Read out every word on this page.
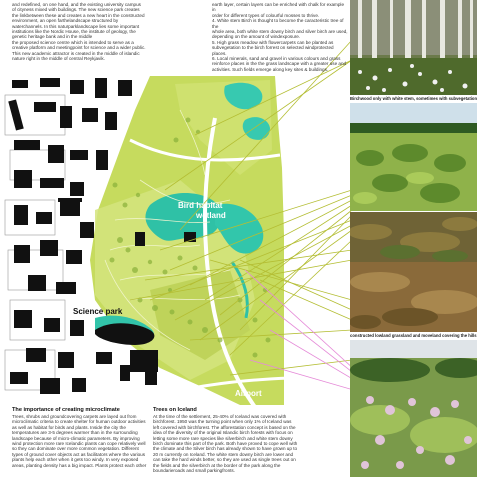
Bird habitat
wetland
Science park
Airport

and redefined, on one hand, and the existing university campus

of cityness mixed with buildings. The new science park creates

the linkbetween these and creates a new heart in the constructed

environment, an open farthelandscape structured by

waterchannels. In this naturparklandscape lies some important

institutions like the Nordic House, the institute of geology, the

genetic heritage bank and in the middle

the proposed science centre which is intended to serve as a

creative platform and meetingpoint for science and a wider public.

This new academic attractor is created in the middle of islandic

nature right in the middle of central Reykjavik.

earth layer, certain layers can be enriched with chalk for example in

order for different types of colourful mosses to thrive.

4. White stem Birch is thought to become the caracteristic tree of the

whole area, both white stem downy birch and silver birch are used,

depending on the amount of windexposure.

5. High grass meadow with flowercarpets can be planted as

subvegetation to the birch forrest on selected windprotected places.

6. Local minerals, sand and gravel in various colours and grass

reinforce places in the the grass landscape with a greater use and

activities. Such fields emerge along key sites & buildings.

Birchwood only with white stem, sometimes with subvegetation
constructed lowland grassland and moveland covering the hills
The importance of creating microclimate

Trees, shrubs and groundcovering carpets are layed out from

microclimatic criteria to create shelter for human outdoor activities

as well as habitat for birds and plants. Inside the city the

temperatures are 3-5 degrees warmer than in the surrounding

landscape because of micro-climatic parameters. By improving

wind protection more rare Icelandic plants can cope relatively well

so they can dominate over more common vegetation. Different

types of ground cover objects act as facilitators where the various

plants help each other when it gets too windy. In very exposed

areas, planting density has a big impact. Plants protect each other

Trees on Iceland

At the time of the settlement, 25-40% of Iceland was covered with

birchforest. 1950 was the turning point when only 1% of Iceland was

left covered with birchforest. The afforestation concept is based on the

idea of the diversity of the original Islandic birch forests with focus on

letting some more rare species like silverbirch and white stem downy

birch dominate this part of the park. Both have proved to cope well with

the climate and the Silver birch has already shown to have grown up to

20 m currently on Iceland. The white stem downy birch are lower and

can take the hard winds better, so they are used as single trees out on

the fields and the silverbirch at the border of the park along the

boundarieroads and small parkingfronts.
